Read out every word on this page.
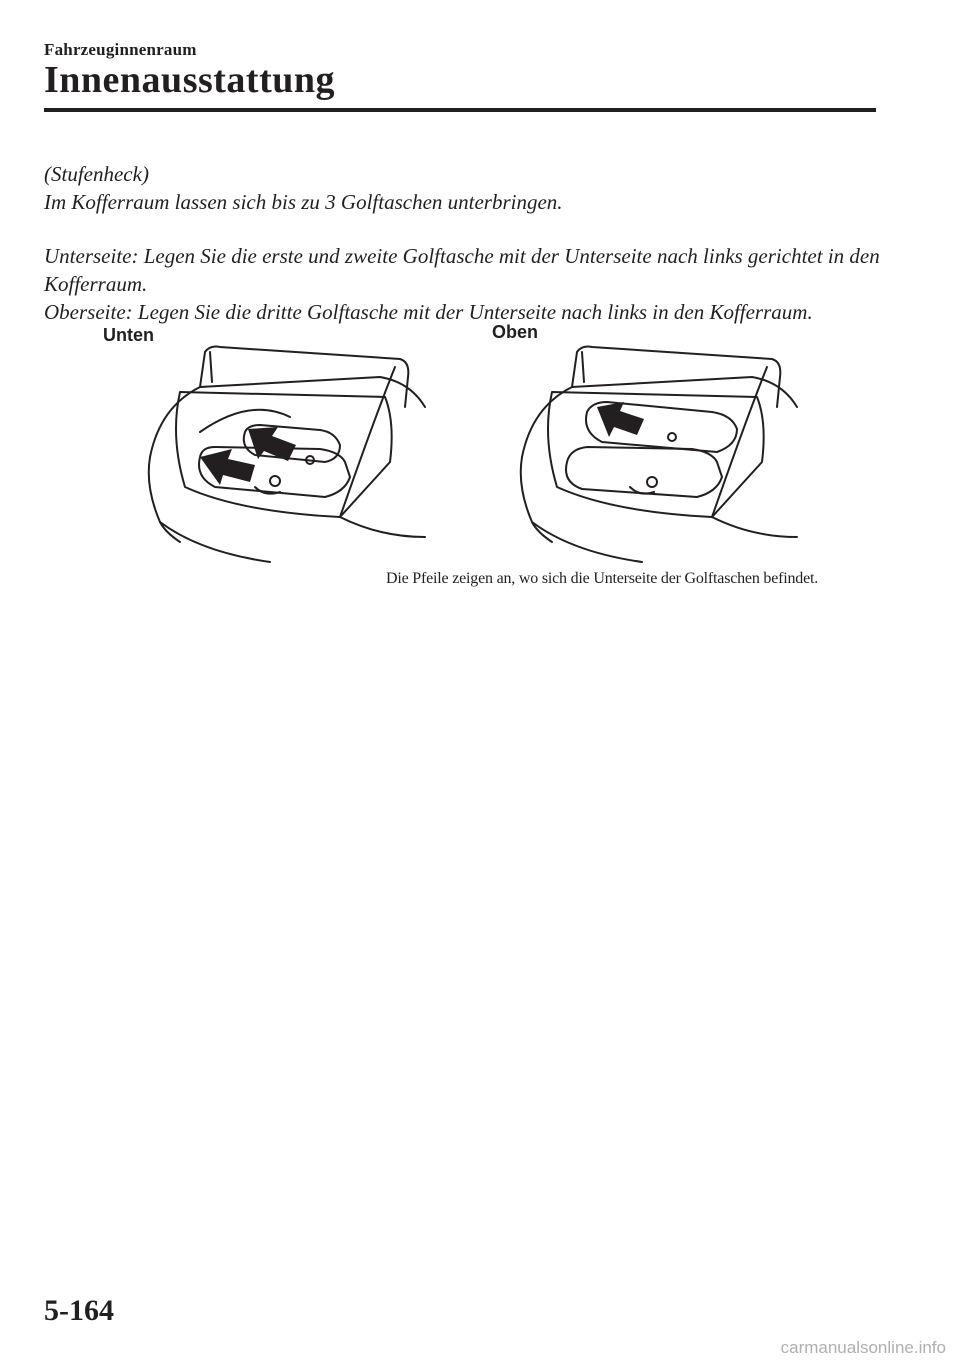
Fahrzeuginnenraum
Innenausstattung
(Stufenheck)
Im Kofferraum lassen sich bis zu 3 Golftaschen unterbringen.
Unterseite: Legen Sie die erste und zweite Golftasche mit der Unterseite nach links gerichtet in den Kofferraum.
Oberseite: Legen Sie die dritte Golftasche mit der Unterseite nach links in den Kofferraum.
Unten	Oben
Die Pfeile zeigen an, wo sich die Unterseite der Golftaschen befindet.
5-164
carmanualsonline.info
